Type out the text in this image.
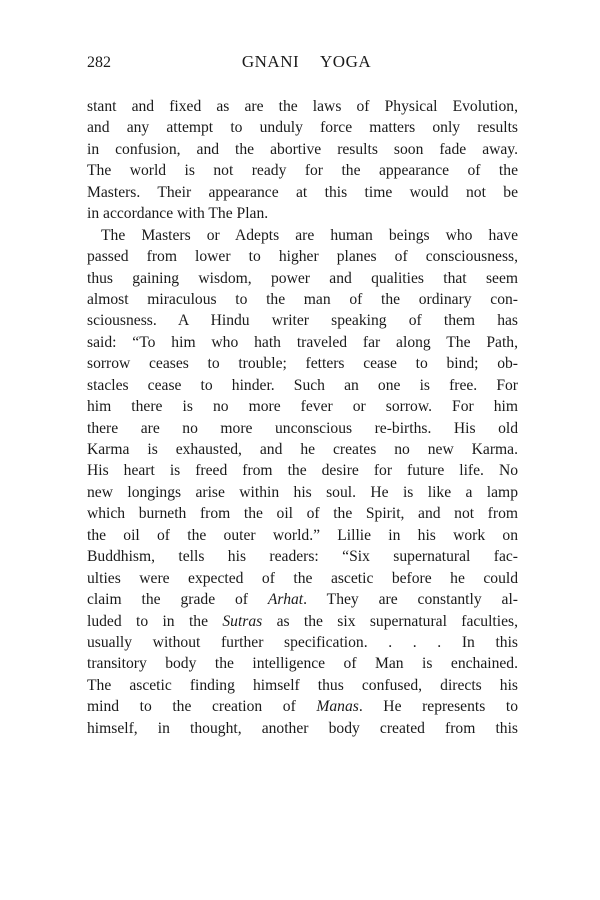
282	GNANI  YOGA
stant and fixed as are the laws of Physical Evolution,
and any attempt to unduly force matters only results
in confusion, and the abortive results soon fade away.
The world is not ready for the appearance of the
Masters. Their appearance at this time would not be
in accordance with The Plan.
The Masters or Adepts are human beings who have
passed from lower to higher planes of consciousness,
thus gaining wisdom, power and qualities that seem
almost miraculous to the man of the ordinary con-
sciousness. A Hindu writer speaking of them has
said: “To him who hath traveled far along The Path,
sorrow ceases to trouble; fetters cease to bind; ob-
stacles cease to hinder. Such an one is free. For
him there is no more fever or sorrow. For him
there are no more unconscious re-births. His old
Karma is exhausted, and he creates no new Karma.
His heart is freed from the desire for future life. No
new longings arise within his soul. He is like a lamp
which burneth from the oil of the Spirit, and not from
the oil of the outer world.” Lillie in his work on
Buddhism, tells his readers: “Six supernatural fac-
ulties were expected of the ascetic before he could
claim the grade of Arhat. They are constantly al-
luded to in the Sutras as the six supernatural faculties,
usually without further specification. . . . In this
transitory body the intelligence of Man is enchained.
The ascetic finding himself thus confused, directs his
mind to the creation of Manas. He represents to
himself, in thought, another body created from this
